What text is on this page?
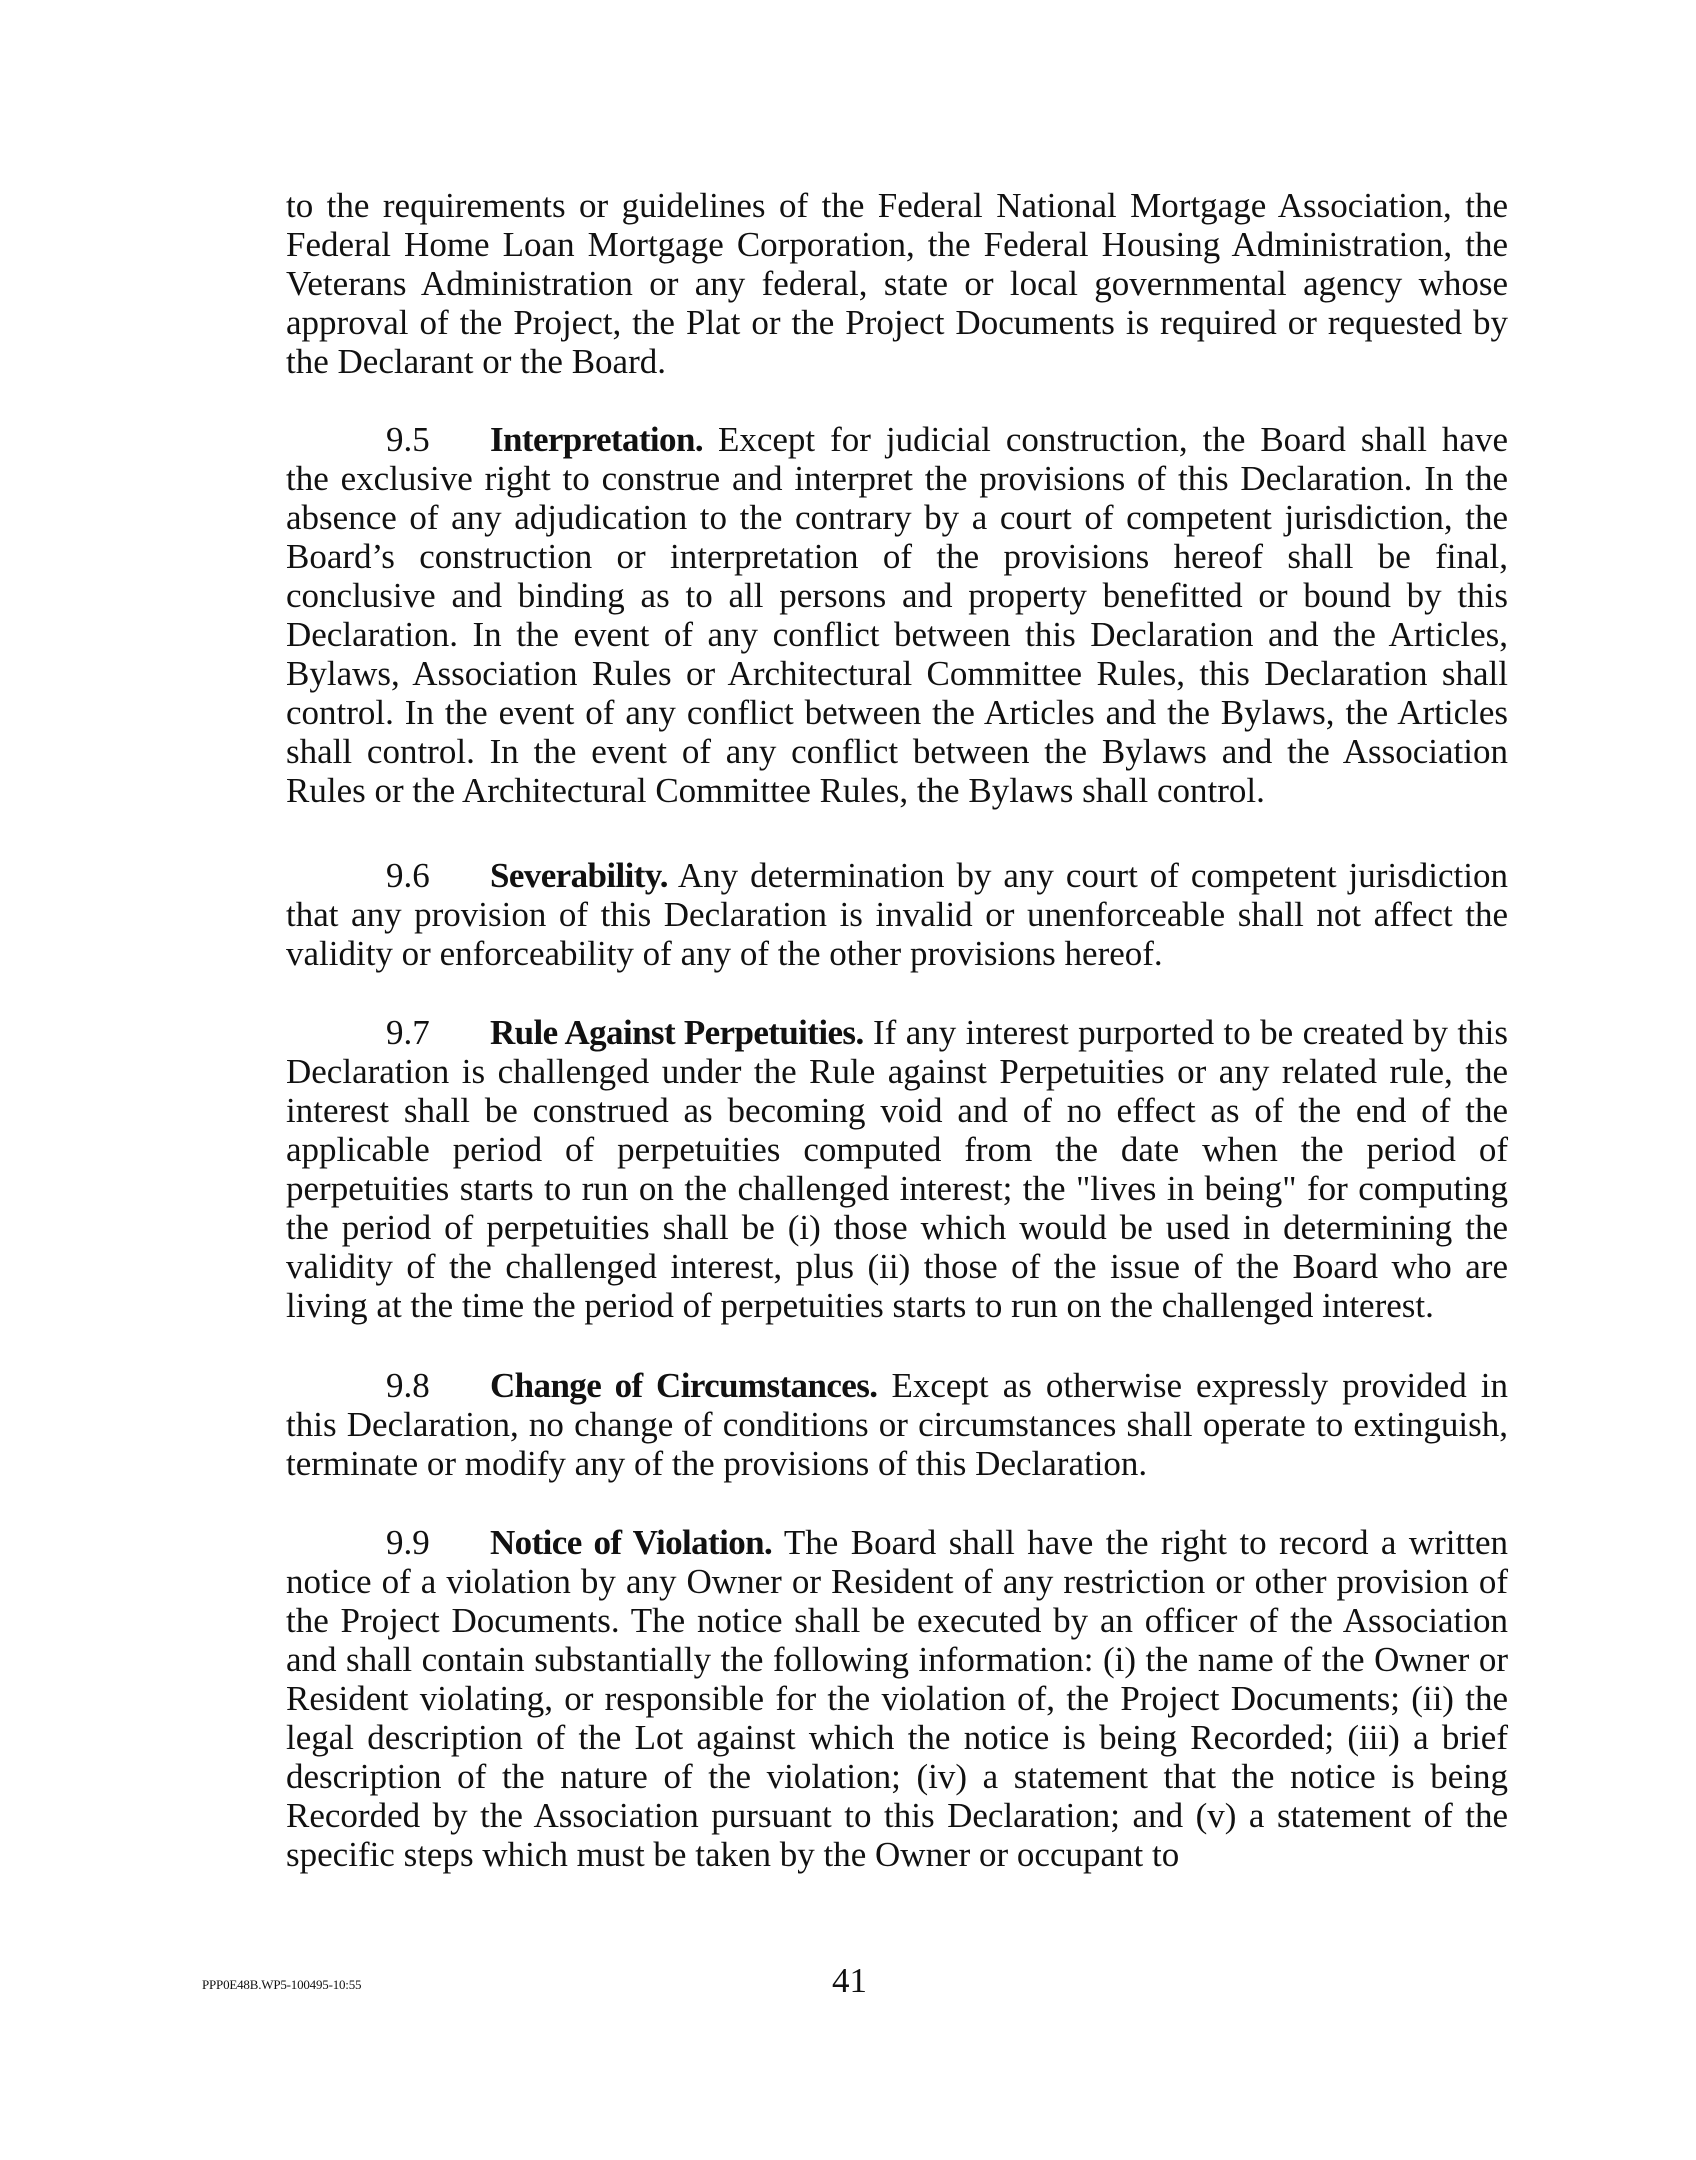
to the requirements or guidelines of the Federal National Mortgage Association, the Federal Home Loan Mortgage Corporation, the Federal Housing Administration, the Veterans Administration or any federal, state or local governmental agency whose approval of the Project, the Plat or the Project Documents is required or requested by the Declarant or the Board.

9.5 Interpretation. Except for judicial construction, the Board shall have the exclusive right to construe and interpret the provisions of this Declaration. In the absence of any adjudication to the contrary by a court of competent jurisdiction, the Board’s construction or interpretation of the provisions hereof shall be final, conclusive and binding as to all persons and property benefitted or bound by this Declaration. In the event of any conflict between this Declaration and the Articles, Bylaws, Association Rules or Architectural Committee Rules, this Declaration shall control. In the event of any conflict between the Articles and the Bylaws, the Articles shall control. In the event of any conflict between the Bylaws and the Association Rules or the Architectural Committee Rules, the Bylaws shall control.

9.6 Severability. Any determination by any court of competent jurisdiction that any provision of this Declaration is invalid or unenforceable shall not affect the validity or enforceability of any of the other provisions hereof.

9.7 Rule Against Perpetuities. If any interest purported to be created by this Declaration is challenged under the Rule against Perpetuities or any related rule, the interest shall be construed as becoming void and of no effect as of the end of the applicable period of perpetuities computed from the date when the period of perpetuities starts to run on the challenged interest; the "lives in being" for computing the period of perpetuities shall be (i) those which would be used in determining the validity of the challenged interest, plus (ii) those of the issue of the Board who are living at the time the period of perpetuities starts to run on the challenged interest.

9.8 Change of Circumstances. Except as otherwise expressly provided in this Declaration, no change of conditions or circumstances shall operate to extinguish, terminate or modify any of the provisions of this Declaration.

9.9 Notice of Violation. The Board shall have the right to record a written notice of a violation by any Owner or Resident of any restriction or other provision of the Project Documents. The notice shall be executed by an officer of the Association and shall contain substantially the following information: (i) the name of the Owner or Resident violating, or responsible for the violation of, the Project Documents; (ii) the legal description of the Lot against which the notice is being Recorded; (iii) a brief description of the nature of the violation; (iv) a statement that the notice is being Recorded by the Association pursuant to this Declaration; and (v) a statement of the specific steps which must be taken by the Owner or occupant to

PPP0E48B.WP5-100495-10:55	41
